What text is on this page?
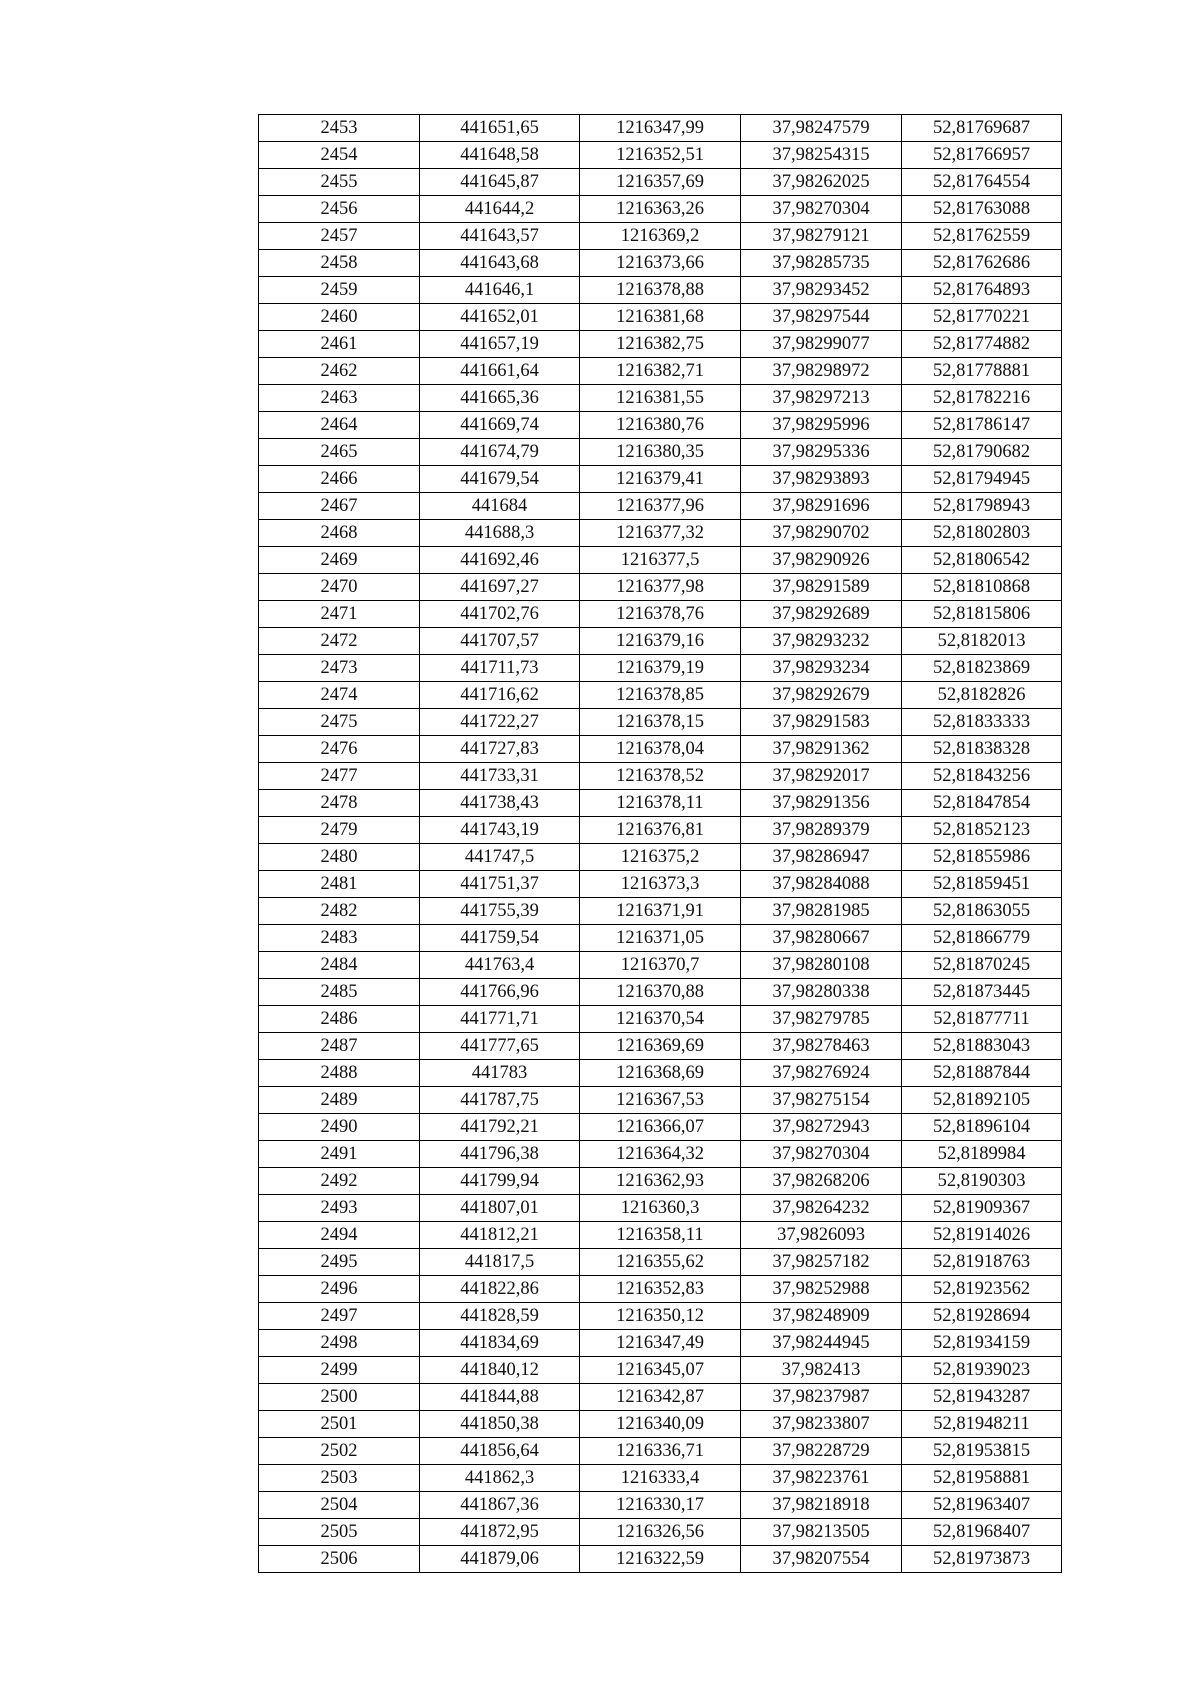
2453	441651,65	1216347,99	37,98247579	52,81769687
2454	441648,58	1216352,51	37,98254315	52,81766957
2455	441645,87	1216357,69	37,98262025	52,81764554
2456	441644,2	1216363,26	37,98270304	52,81763088
2457	441643,57	1216369,2	37,98279121	52,81762559
2458	441643,68	1216373,66	37,98285735	52,81762686
2459	441646,1	1216378,88	37,98293452	52,81764893
2460	441652,01	1216381,68	37,98297544	52,81770221
2461	441657,19	1216382,75	37,98299077	52,81774882
2462	441661,64	1216382,71	37,98298972	52,81778881
2463	441665,36	1216381,55	37,98297213	52,81782216
2464	441669,74	1216380,76	37,98295996	52,81786147
2465	441674,79	1216380,35	37,98295336	52,81790682
2466	441679,54	1216379,41	37,98293893	52,81794945
2467	441684	1216377,96	37,98291696	52,81798943
2468	441688,3	1216377,32	37,98290702	52,81802803
2469	441692,46	1216377,5	37,98290926	52,81806542
2470	441697,27	1216377,98	37,98291589	52,81810868
2471	441702,76	1216378,76	37,98292689	52,81815806
2472	441707,57	1216379,16	37,98293232	52,8182013
2473	441711,73	1216379,19	37,98293234	52,81823869
2474	441716,62	1216378,85	37,98292679	52,8182826
2475	441722,27	1216378,15	37,98291583	52,81833333
2476	441727,83	1216378,04	37,98291362	52,81838328
2477	441733,31	1216378,52	37,98292017	52,81843256
2478	441738,43	1216378,11	37,98291356	52,81847854
2479	441743,19	1216376,81	37,98289379	52,81852123
2480	441747,5	1216375,2	37,98286947	52,81855986
2481	441751,37	1216373,3	37,98284088	52,81859451
2482	441755,39	1216371,91	37,98281985	52,81863055
2483	441759,54	1216371,05	37,98280667	52,81866779
2484	441763,4	1216370,7	37,98280108	52,81870245
2485	441766,96	1216370,88	37,98280338	52,81873445
2486	441771,71	1216370,54	37,98279785	52,81877711
2487	441777,65	1216369,69	37,98278463	52,81883043
2488	441783	1216368,69	37,98276924	52,81887844
2489	441787,75	1216367,53	37,98275154	52,81892105
2490	441792,21	1216366,07	37,98272943	52,81896104
2491	441796,38	1216364,32	37,98270304	52,8189984
2492	441799,94	1216362,93	37,98268206	52,8190303
2493	441807,01	1216360,3	37,98264232	52,81909367
2494	441812,21	1216358,11	37,9826093	52,81914026
2495	441817,5	1216355,62	37,98257182	52,81918763
2496	441822,86	1216352,83	37,98252988	52,81923562
2497	441828,59	1216350,12	37,98248909	52,81928694
2498	441834,69	1216347,49	37,98244945	52,81934159
2499	441840,12	1216345,07	37,982413	52,81939023
2500	441844,88	1216342,87	37,98237987	52,81943287
2501	441850,38	1216340,09	37,98233807	52,81948211
2502	441856,64	1216336,71	37,98228729	52,81953815
2503	441862,3	1216333,4	37,98223761	52,81958881
2504	441867,36	1216330,17	37,98218918	52,81963407
2505	441872,95	1216326,56	37,98213505	52,81968407
2506	441879,06	1216322,59	37,98207554	52,81973873
